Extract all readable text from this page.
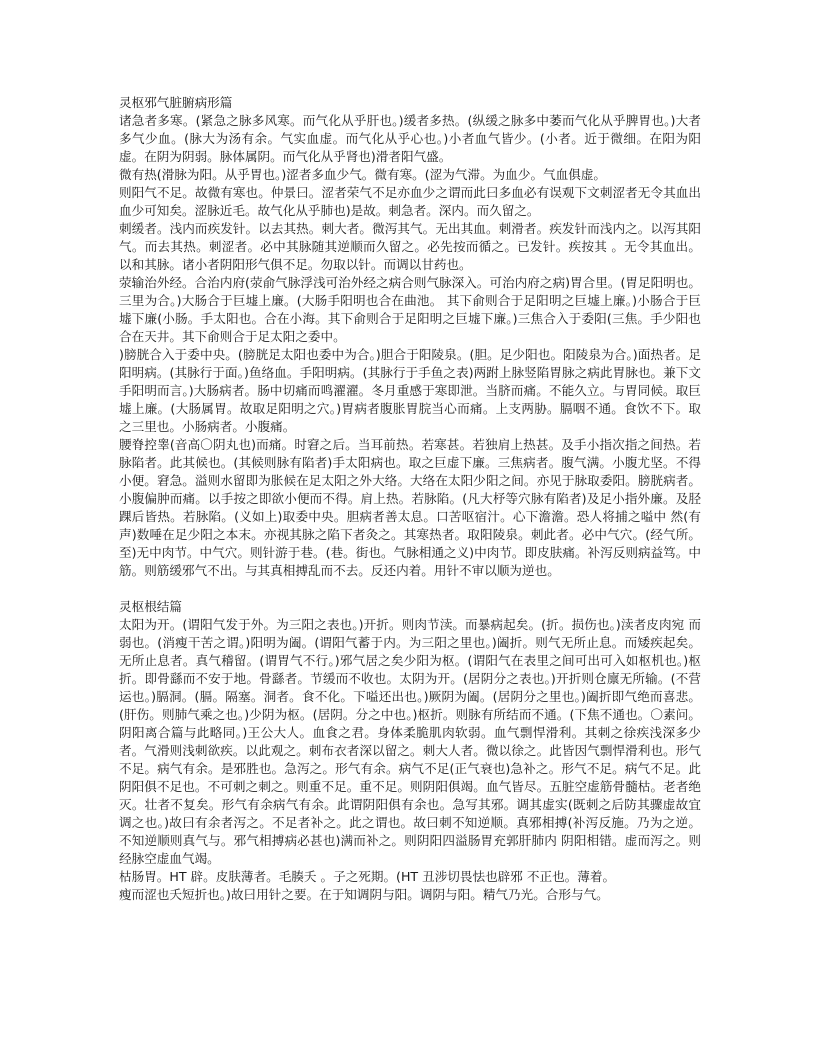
灵枢邪气脏腑病形篇

诸急者多寒。(紧急之脉多风寒。而气化从乎肝也。)缓者多热。(纵缓之脉多中萎而气化从乎脾胃也。)大者多气少血。(脉大为汤有余。气实血虚。而气化从乎心也。)小者血气皆少。(小者。近于微细。在阳为阳虚。在阴为阴弱。脉体属阴。而气化从乎肾也)滑者阳气盛。

微有热(滑脉为阳。从乎胃也。)涩者多血少气。微有寒。(涩为气滞。为血少。气血俱虚。

则阳气不足。故微有寒也。仲景曰。涩者荣气不足亦血少之谓而此曰多血必有误观下文刺涩者无令其血出血少可知矣。涩脉近毛。故气化从乎肺也)是故。刺急者。深内。而久留之。

刺缓者。浅内而疾发针。以去其热。刺大者。微泻其气。无出其血。刺滑者。疾发针而浅内之。以泻其阳气。而去其热。刺涩者。必中其脉随其逆顺而久留之。必先按而循之。已发针。疾按其 。无令其血出。以和其脉。诸小者阴阳形气俱不足。勿取以针。而调以甘药也。

荥输治外经。合治内府(荥俞气脉浮浅可治外经之病合则气脉深入。可治内府之病)胃合里。(胃足阳明也。三里为合。)大肠合于巨墟上廉。(大肠手阳明也合在曲池。 其下俞则合于足阳明之巨墟上廉。)小肠合于巨墟下廉(小肠。手太阳也。合在小海。其下俞则合于足阳明之巨墟下廉。)三焦合入于委阳(三焦。手少阳也合在天井。其下俞则合于足太阳之委中。

)膀胱合入于委中央。(膀胱足太阳也委中为合。)胆合于阳陵泉。(胆。足少阳也。阳陵泉为合。)面热者。足阳明病。(其脉行于面。)鱼络血。手阳明病。(其脉行于手鱼之表)两跗上脉竖陷胃脉之病此胃脉也。兼下文手阳明而言。)大肠病者。肠中切痛而鸣濯濯。冬月重感于寒即泄。当脐而痛。不能久立。与胃同候。取巨墟上廉。(大肠属胃。故取足阳明之穴。)胃病者腹胀胃脘当心而痛。上支两胁。膈咽不通。食饮不下。取之三里也。小肠病者。小腹痛。

腰脊控睾(音高〇阴丸也)而痛。时窘之后。当耳前热。若寒甚。若独肩上热甚。及手小指次指之间热。若脉陷者。此其候也。(其候则脉有陷者)手太阳病也。取之巨虚下廉。三焦病者。腹气满。小腹尤坚。不得小便。窘急。溢则水留即为胀候在足太阳之外大络。大络在太阳少阳之间。亦见于脉取委阳。膀胱病者。小腹偏肿而痛。以手按之即欲小便而不得。肩上热。若脉陷。(凡大杼等穴脉有陷者)及足小指外廉。及胫踝后皆热。若脉陷。(义如上)取委中央。胆病者善太息。口苦呕宿汁。心下澹澹。恐人将捕之嗌中 然(有声)数唾在足少阳之本末。亦视其脉之陷下者灸之。其寒热者。取阳陵泉。刺此者。必中气穴。(经气所。至)无中肉节。中气穴。则针游于巷。(巷。街也。气脉相通之义)中肉节。即皮肤痛。补泻反则病益笃。中筋。则筋缓邪气不出。与其真相搏乱而不去。反还内着。用针不审以顺为逆也。

灵枢根结篇

太阳为开。(谓阳气发于外。为三阳之表也。)开折。则肉节渎。而暴病起矣。(折。损伤也。)渎者皮肉宛 而弱也。(消瘦干苦之谓。)阳明为阖。(谓阳气蓄于内。为三阳之里也。)阖折。则气无所止息。而矮疾起矣。无所止息者。真气稽留。(谓胃气不行。)邪气居之矣少阳为枢。(谓阳气在表里之间可出可入如枢机也。)枢折。即骨繇而不安于地。骨繇者。节缓而不收也。太阴为开。(居阴分之表也。)开折则仓廪无所输。(不营运也。)膈洞。(膈。隔塞。洞者。食不化。下嗌还出也。)厥阴为阖。(居阴分之里也。)阖折即气绝而喜悲。(肝伤。则肺气乘之也。)少阴为枢。(居阴。分之中也。)枢折。则脉有所结而不通。(下焦不通也。〇素问。阴阳离合篇与此略同。)王公大人。血食之君。身体柔脆肌肉软弱。血气剽悍滑利。其刺之徐疾浅深多少者。气滑则浅刺欲疾。以此观之。刺布衣者深以留之。刺大人者。微以徐之。此皆因气剽悍滑利也。形气不足。病气有余。是邪胜也。急泻之。形气有余。病气不足(正气衰也)急补之。形气不足。病气不足。此阴阳俱不足也。不可刺之刺之。则重不足。重不足。则阴阳俱竭。血气皆尽。五脏空虚筋骨髓枯。老者绝灭。壮者不复矣。形气有余病气有余。此谓阴阳俱有余也。急写其邪。调其虚实(既刺之后防其骤虚故宜调之也。)故曰有余者泻之。不足者补之。此之谓也。故曰刺不知逆顺。真邪相搏(补泻反施。乃为之逆。不知逆顺则真气与。邪气相搏病必甚也)满而补之。则阴阳四溢肠胃充郭肝肺内 阴阳相错。虚而泻之。则经脉空虚血气竭。

枯肠胃。HT 辟。皮肤薄者。毛腠夭 。子之死期。(HT 丑涉切畏怯也辟邪 不正也。薄着。

瘦而涩也夭短折也。)故曰用针之要。在于知调阴与阳。调阴与阳。精气乃光。合形与气。
